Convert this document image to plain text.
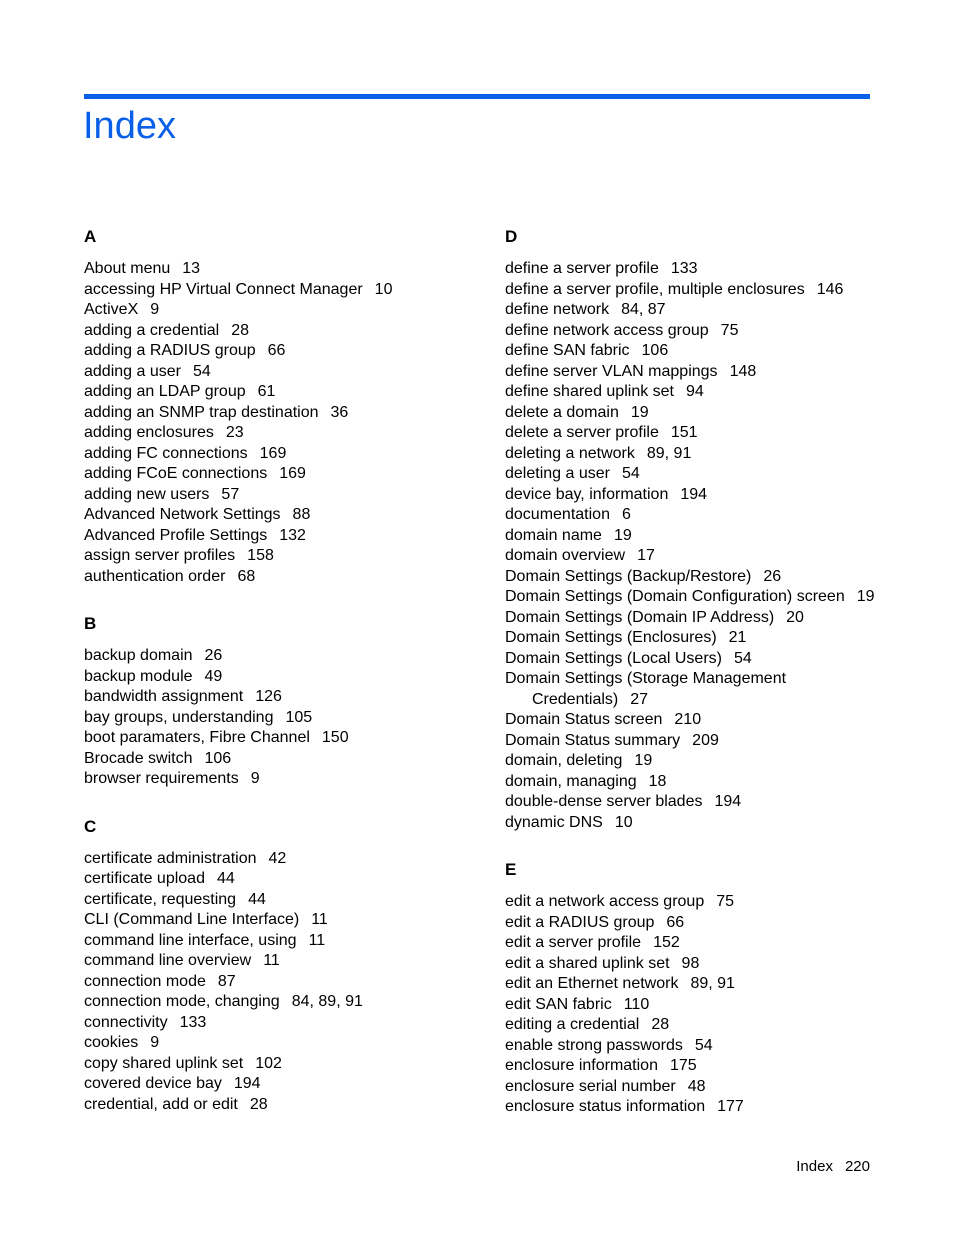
Index
A
About menu 13
accessing HP Virtual Connect Manager 10
ActiveX 9
adding a credential 28
adding a RADIUS group 66
adding a user 54
adding an LDAP group 61
adding an SNMP trap destination 36
adding enclosures 23
adding FC connections 169
adding FCoE connections 169
adding new users 57
Advanced Network Settings 88
Advanced Profile Settings 132
assign server profiles 158
authentication order 68
B
backup domain 26
backup module 49
bandwidth assignment 126
bay groups, understanding 105
boot paramaters, Fibre Channel 150
Brocade switch 106
browser requirements 9
C
certificate administration 42
certificate upload 44
certificate, requesting 44
CLI (Command Line Interface) 11
command line interface, using 11
command line overview 11
connection mode 87
connection mode, changing 84, 89, 91
connectivity 133
cookies 9
copy shared uplink set 102
covered device bay 194
credential, add or edit 28
D
define a server profile 133
define a server profile, multiple enclosures 146
define network 84, 87
define network access group 75
define SAN fabric 106
define server VLAN mappings 148
define shared uplink set 94
delete a domain 19
delete a server profile 151
deleting a network 89, 91
deleting a user 54
device bay, information 194
documentation 6
domain name 19
domain overview 17
Domain Settings (Backup/Restore) 26
Domain Settings (Domain Configuration) screen 19
Domain Settings (Domain IP Address) 20
Domain Settings (Enclosures) 21
Domain Settings (Local Users) 54
Domain Settings (Storage Management
Credentials) 27
Domain Status screen 210
Domain Status summary 209
domain, deleting 19
domain, managing 18
double-dense server blades 194
dynamic DNS 10
E
edit a network access group 75
edit a RADIUS group 66
edit a server profile 152
edit a shared uplink set 98
edit an Ethernet network 89, 91
edit SAN fabric 110
editing a credential 28
enable strong passwords 54
enclosure information 175
enclosure serial number 48
enclosure status information 177
Index 220
